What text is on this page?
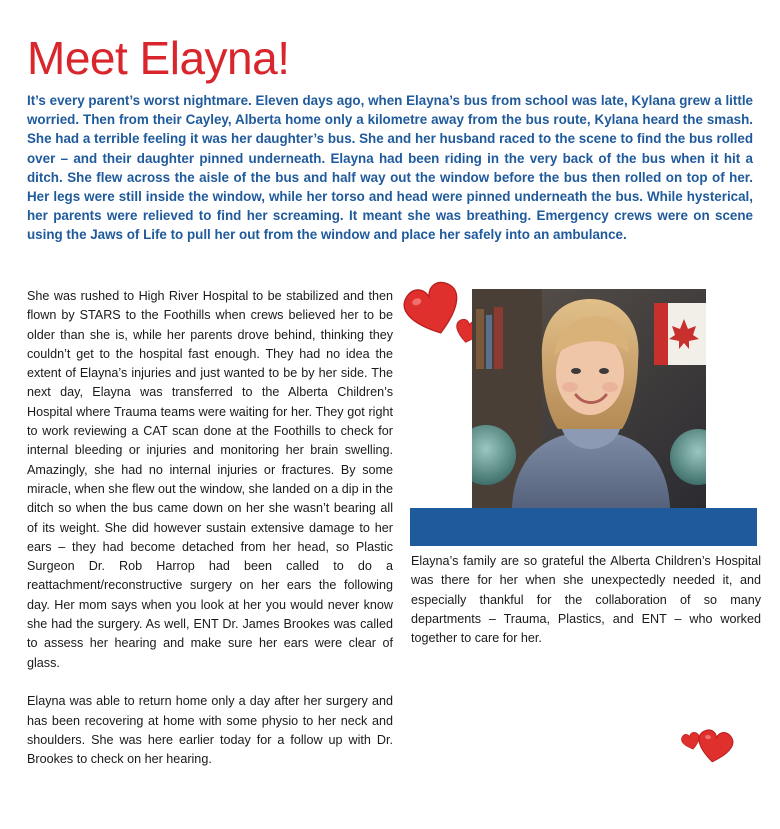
Meet Elayna!

It’s every parent’s worst nightmare. Eleven days ago, when Elayna’s bus from school was late, Kylana grew a little worried. Then from their Cayley, Alberta home only a kilometre away from the bus route, Kylana heard the smash. She had a terrible feeling it was her daughter’s bus. She and her husband raced to the scene to find the bus rolled over – and their daughter pinned underneath. Elayna had been riding in the very back of the bus when it hit a ditch. She flew across the aisle of the bus and half way out the window before the bus then rolled on top of her. Her legs were still inside the window, while her torso and head were pinned underneath the bus. While hysterical, her parents were relieved to find her screaming. It meant she was breathing. Emergency crews were on scene using the Jaws of Life to pull her out from the window and place her safely into an ambulance.

She was rushed to High River Hospital to be stabilized and then flown by STARS to the Foothills when crews believed her to be older than she is, while her parents drove behind, thinking they couldn’t get to the hospital fast enough. They had no idea the extent of Elayna’s injuries and just wanted to be by her side. The next day, Elayna was transferred to the Alberta Children’s Hospital where Trauma teams were waiting for her. They got right to work reviewing a CAT scan done at the Foothills to check for internal bleeding or injuries and monitoring her brain swelling. Amazingly, she had no internal injuries or fractures. By some miracle, when she flew out the window, she landed on a dip in the ditch so when the bus came down on her she wasn’t bearing all of its weight. She did however sustain extensive damage to her ears – they had become detached from her head, so Plastic Surgeon Dr. Rob Harrop had been called to do a reattachment/reconstructive surgery on her ears the following day. Her mom says when you look at her you would never know she had the surgery. As well, ENT Dr. James Brookes was called to assess her hearing and make sure her ears were clear of glass.

Elayna was able to return home only a day after her surgery and has been recovering at home with some physio to her neck and shoulders. She was here earlier today for a follow up with Dr. Brookes to check on her hearing.

Elayna’s family are so grateful the Alberta Children’s Hospital was there for her when she unexpectedly needed it, and especially thankful for the collaboration of so many departments – Trauma, Plastics, and ENT – who worked together to care for her.
